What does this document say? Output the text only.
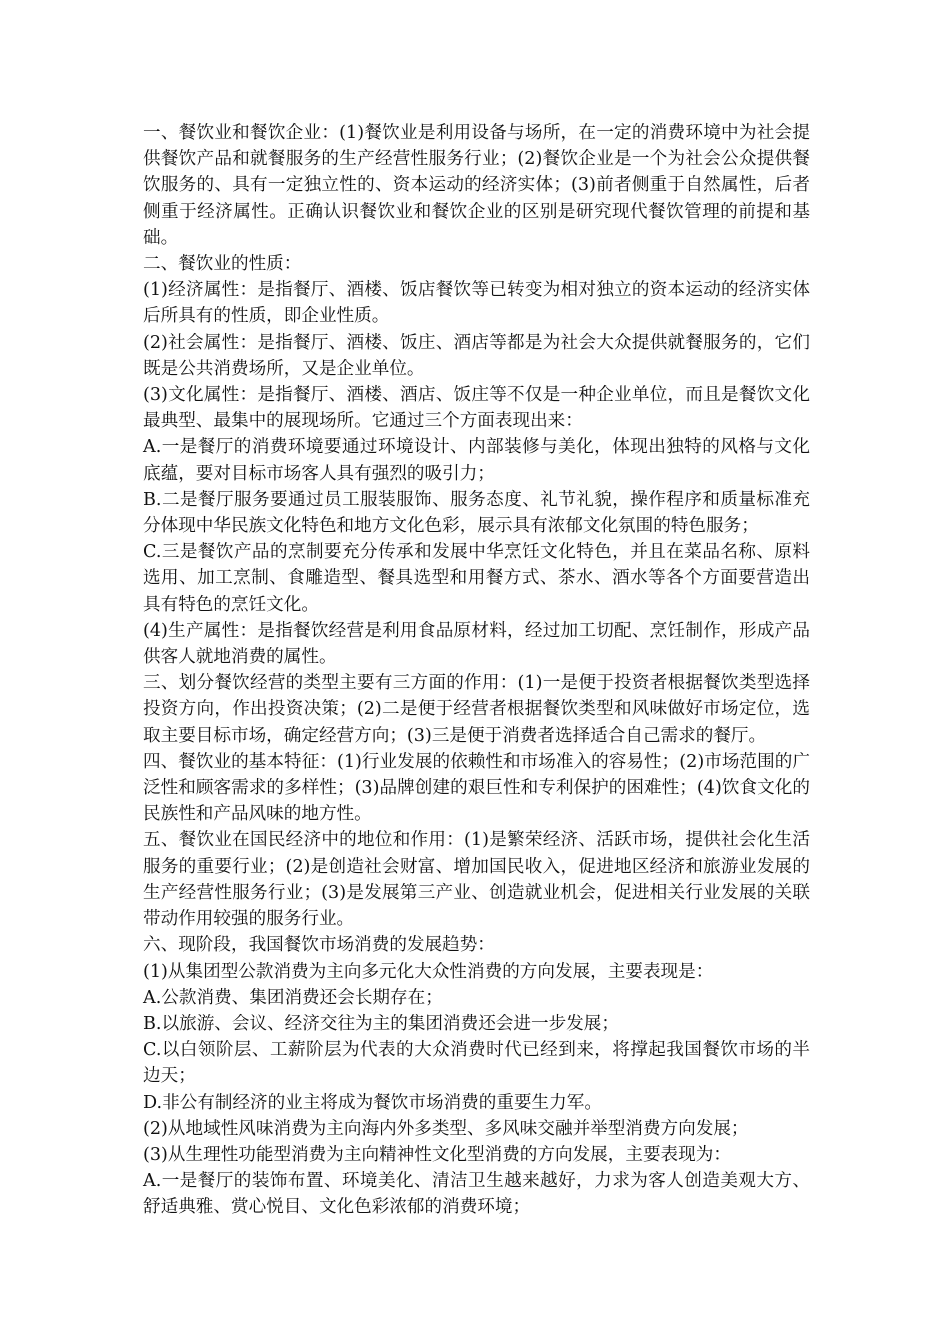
一、餐饮业和餐饮企业：(1)餐饮业是利用设备与场所，在一定的消费环境中为社会提供餐饮产品和就餐服务的生产经营性服务行业；(2)餐饮企业是一个为社会公众提供餐饮服务的、具有一定独立性的、资本运动的经济实体；(3)前者侧重于自然属性，后者侧重于经济属性。正确认识餐饮业和餐饮企业的区别是研究现代餐饮管理的前提和基础。

二、餐饮业的性质：

(1)经济属性：是指餐厅、酒楼、饭店餐饮等已转变为相对独立的资本运动的经济实体后所具有的性质，即企业性质。

(2)社会属性：是指餐厅、酒楼、饭庄、酒店等都是为社会大众提供就餐服务的，它们既是公共消费场所，又是企业单位。

(3)文化属性：是指餐厅、酒楼、酒店、饭庄等不仅是一种企业单位，而且是餐饮文化最典型、最集中的展现场所。它通过三个方面表现出来：

A.一是餐厅的消费环境要通过环境设计、内部装修与美化，体现出独特的风格与文化底蕴，要对目标市场客人具有强烈的吸引力；

B.二是餐厅服务要通过员工服装服饰、服务态度、礼节礼貌，操作程序和质量标准充分体现中华民族文化特色和地方文化色彩，展示具有浓郁文化氛围的特色服务；

C.三是餐饮产品的烹制要充分传承和发展中华烹饪文化特色，并且在菜品名称、原料选用、加工烹制、食雕造型、餐具选型和用餐方式、茶水、酒水等各个方面要营造出具有特色的烹饪文化。

(4)生产属性：是指餐饮经营是利用食品原材料，经过加工切配、烹饪制作，形成产品供客人就地消费的属性。

三、划分餐饮经营的类型主要有三方面的作用：(1)一是便于投资者根据餐饮类型选择投资方向，作出投资决策；(2)二是便于经营者根据餐饮类型和风味做好市场定位，选取主要目标市场，确定经营方向；(3)三是便于消费者选择适合自己需求的餐厅。

四、餐饮业的基本特征：(1)行业发展的依赖性和市场准入的容易性；(2)市场范围的广泛性和顾客需求的多样性；(3)品牌创建的艰巨性和专利保护的困难性；(4)饮食文化的民族性和产品风味的地方性。

五、餐饮业在国民经济中的地位和作用：(1)是繁荣经济、活跃市场，提供社会化生活服务的重要行业；(2)是创造社会财富、增加国民收入，促进地区经济和旅游业发展的生产经营性服务行业；(3)是发展第三产业、创造就业机会，促进相关行业发展的关联带动作用较强的服务行业。

六、现阶段，我国餐饮市场消费的发展趋势：

(1)从集团型公款消费为主向多元化大众性消费的方向发展，主要表现是：

A.公款消费、集团消费还会长期存在；

B.以旅游、会议、经济交往为主的集团消费还会进一步发展；

C.以白领阶层、工薪阶层为代表的大众消费时代已经到来，将撑起我国餐饮市场的半边天；

D.非公有制经济的业主将成为餐饮市场消费的重要生力军。

(2)从地域性风味消费为主向海内外多类型、多风味交融并举型消费方向发展；

(3)从生理性功能型消费为主向精神性文化型消费的方向发展，主要表现为：

A.一是餐厅的装饰布置、环境美化、清洁卫生越来越好，力求为客人创造美观大方、舒适典雅、赏心悦目、文化色彩浓郁的消费环境；
